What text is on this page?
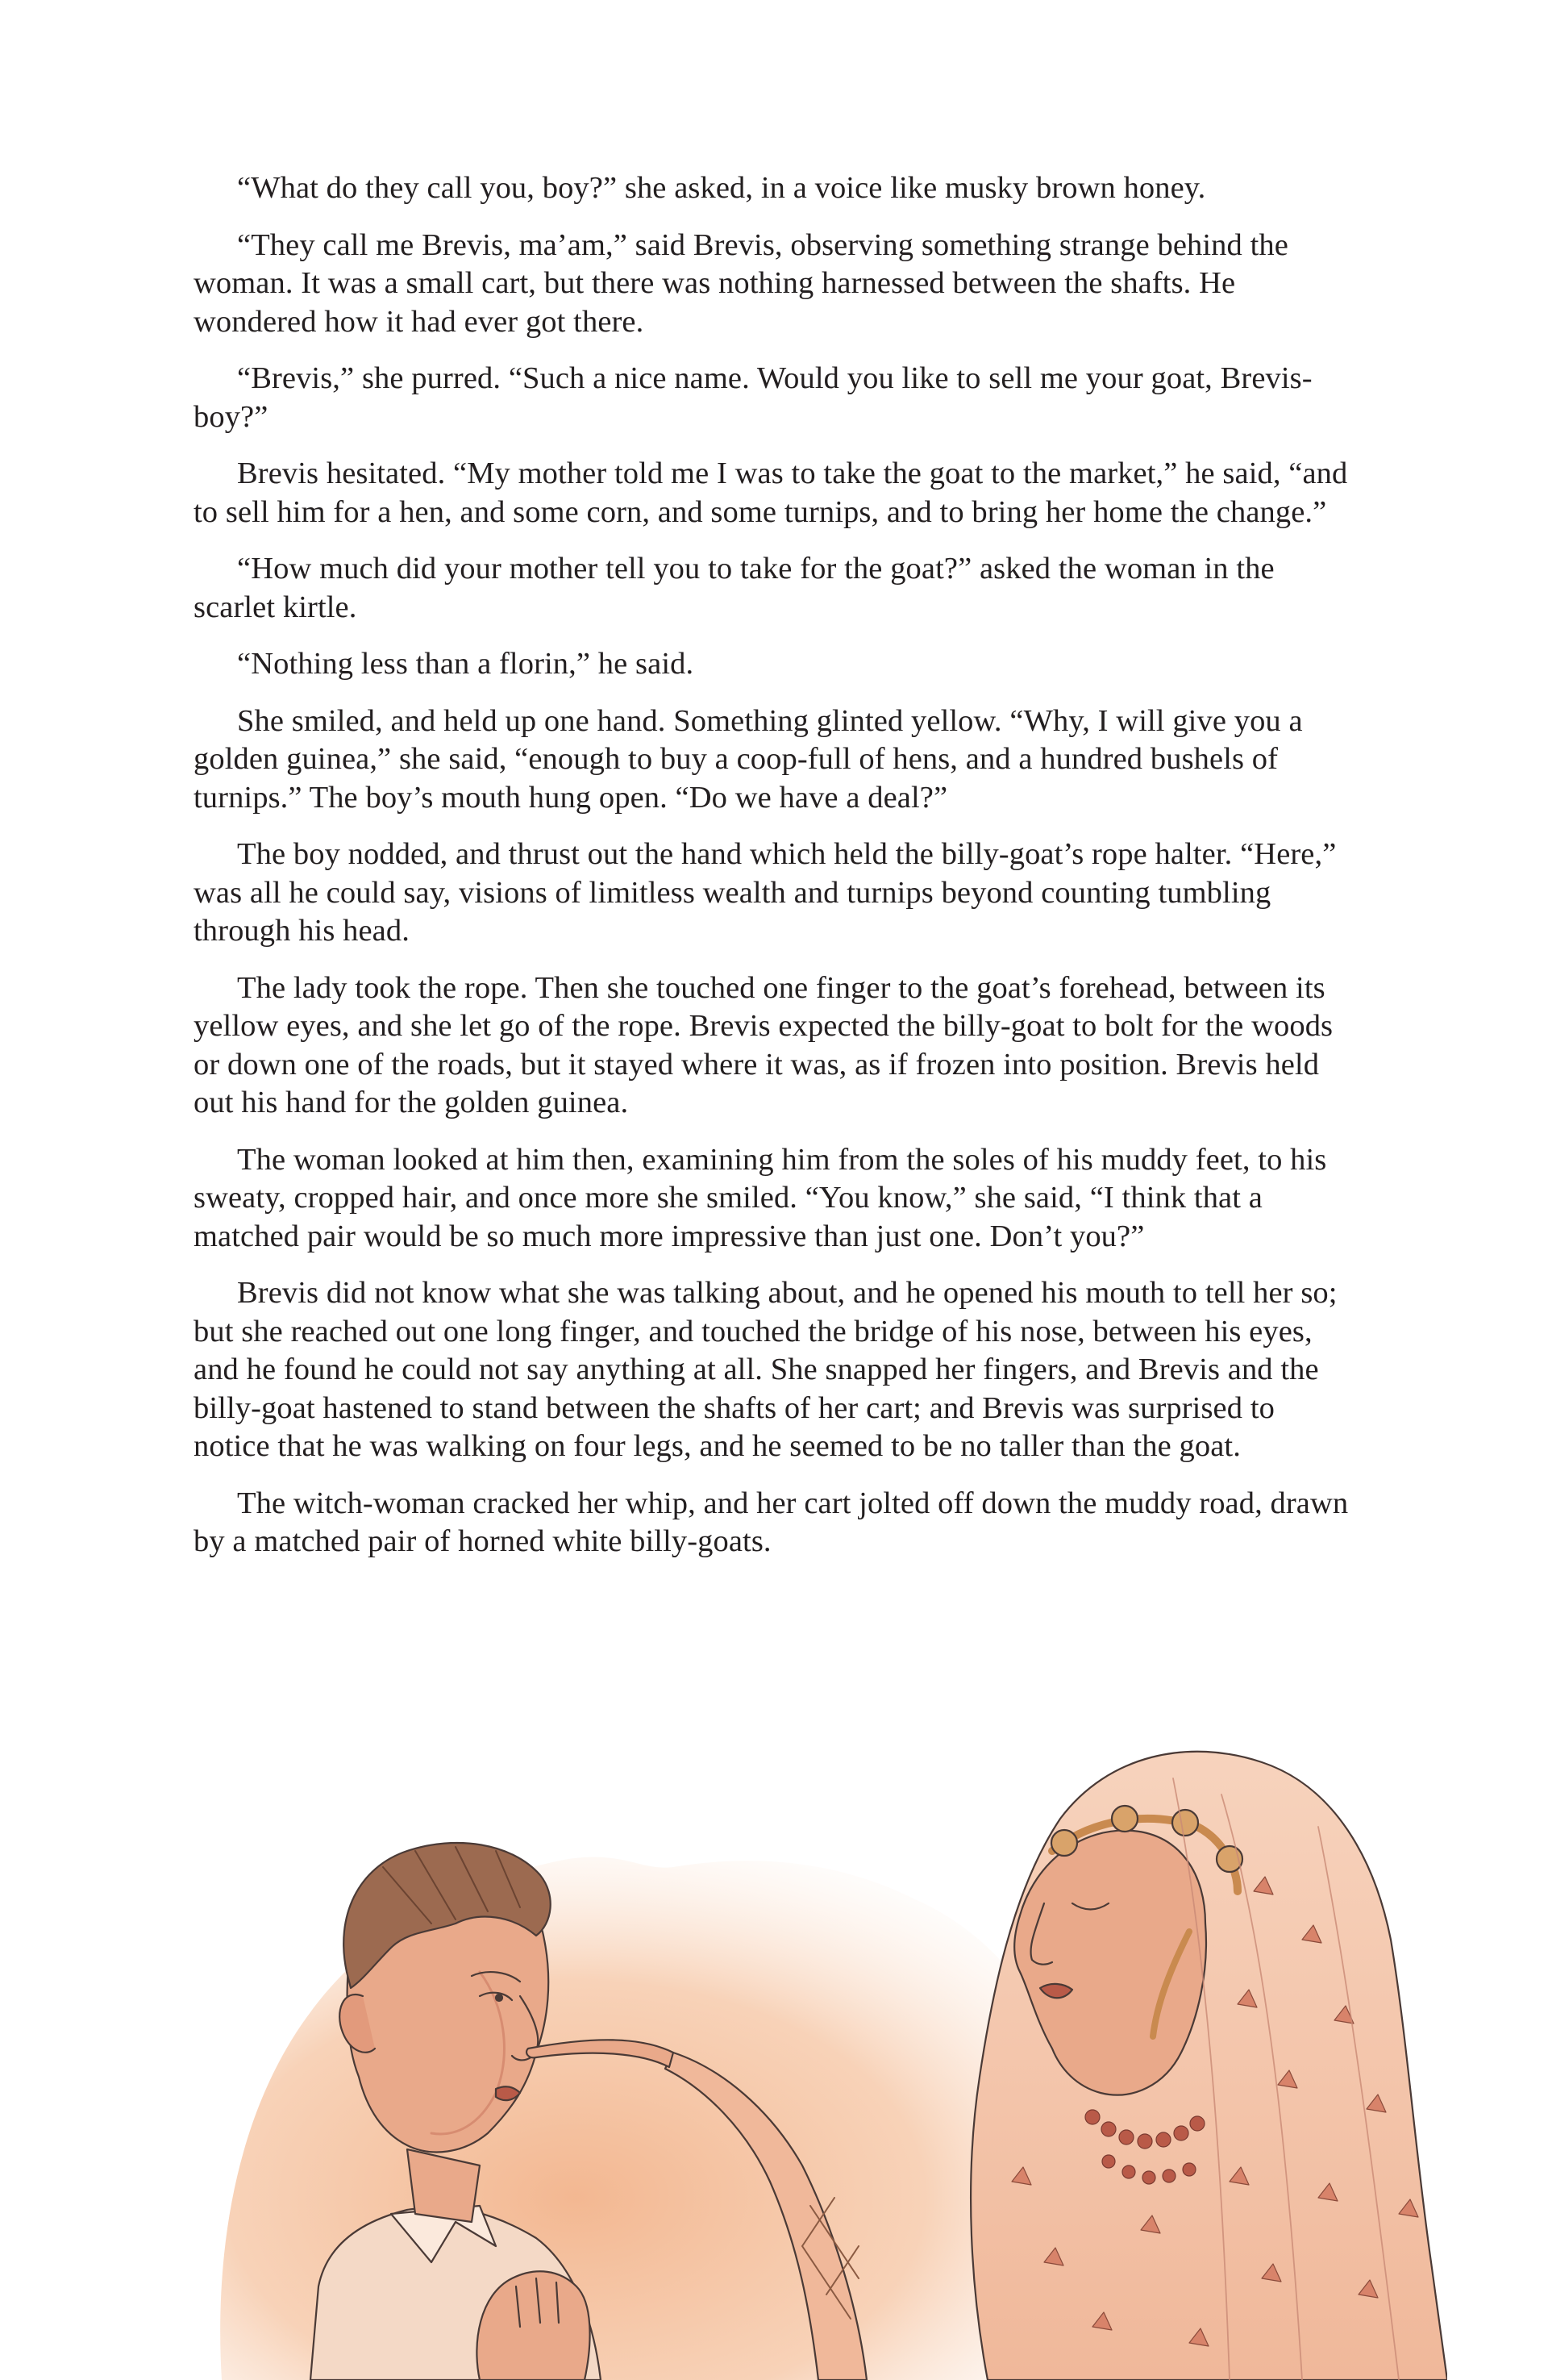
“What do they call you, boy?” she asked, in a voice like musky brown honey.

“They call me Brevis, ma’am,” said Brevis, observing something strange behind the woman. It was a small cart, but there was nothing harnessed between the shafts. He wondered how it had ever got there.

“Brevis,” she purred. “Such a nice name. Would you like to sell me your goat, Brevis-boy?”

Brevis hesitated. “My mother told me I was to take the goat to the market,” he said, “and to sell him for a hen, and some corn, and some turnips, and to bring her home the change.”

“How much did your mother tell you to take for the goat?” asked the woman in the scarlet kirtle.

“Nothing less than a florin,” he said.

She smiled, and held up one hand. Something glinted yellow. “Why, I will give you a golden guinea,” she said, “enough to buy a coop-full of hens, and a hundred bushels of turnips.” The boy’s mouth hung open. “Do we have a deal?”

The boy nodded, and thrust out the hand which held the billy-goat’s rope halter. “Here,” was all he could say, visions of limitless wealth and turnips beyond counting tumbling through his head.

The lady took the rope. Then she touched one finger to the goat’s forehead, between its yellow eyes, and she let go of the rope. Brevis expected the billy-goat to bolt for the woods or down one of the roads, but it stayed where it was, as if frozen into position. Brevis held out his hand for the golden guinea.

The woman looked at him then, examining him from the soles of his muddy feet, to his sweaty, cropped hair, and once more she smiled. “You know,” she said, “I think that a matched pair would be so much more impressive than just one. Don’t you?”

Brevis did not know what she was talking about, and he opened his mouth to tell her so; but she reached out one long finger, and touched the bridge of his nose, between his eyes, and he found he could not say anything at all. She snapped her fingers, and Brevis and the billy-goat hastened to stand between the shafts of her cart; and Brevis was surprised to notice that he was walking on four legs, and he seemed to be no taller than the goat.

The witch-woman cracked her whip, and her cart jolted off down the muddy road, drawn by a matched pair of horned white billy-goats.
